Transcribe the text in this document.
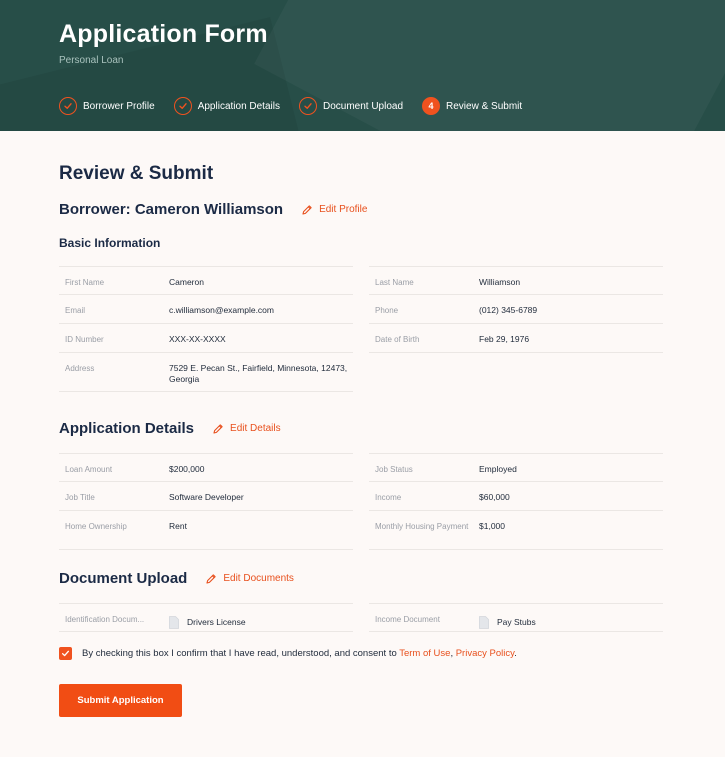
Application Form
Personal Loan
Borrower Profile	Application Details	Document Upload	4	Review & Submit
Review & Submit
Borrower: Cameron Williamson	Edit Profile
Basic Information
First Name	Cameron
Email	c.williamson@example.com
ID Number	XXX-XX-XXXX
Address	7529 E. Pecan St., Fairfield, Minnesota, 12473, Georgia
Last Name	Williamson
Phone	(012) 345-6789
Date of Birth	Feb 29, 1976
Application Details	Edit Details
Loan Amount	$200,000
Job Title	Software Developer
Home Ownership	Rent
Job Status	Employed
Income	$60,000
Monthly Housing Payment	$1,000
Document Upload	Edit Documents
Identification Docum...	Drivers License	Income Document	Pay Stubs
By checking this box I confirm that I have read, understood, and consent to Term of Use, Privacy Policy.
Submit Application
